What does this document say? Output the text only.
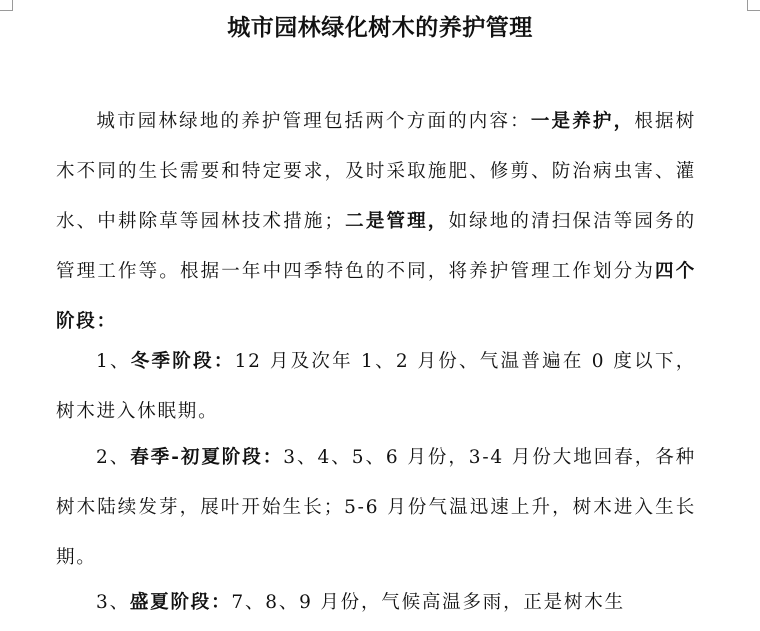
城市园林绿化树木的养护管理

城市园林绿地的养护管理包括两个方面的内容：一是养护，根据树木不同的生长需要和特定要求，及时采取施肥、修剪、防治病虫害、灌水、中耕除草等园林技术措施；二是管理，如绿地的清扫保洁等园务的管理工作等。根据一年中四季特色的不同，将养护管理工作划分为四个阶段：

1、冬季阶段：12 月及次年 1、2 月份、气温普遍在 0 度以下，树木进入休眠期。

2、春季-初夏阶段：3、4、5、6 月份，3-4 月份大地回春，各种树木陆续发芽，展叶开始生长；5-6 月份气温迅速上升，树木进入生长期。

3、盛夏阶段：7、8、9 月份，气候高温多雨，正是树木生
